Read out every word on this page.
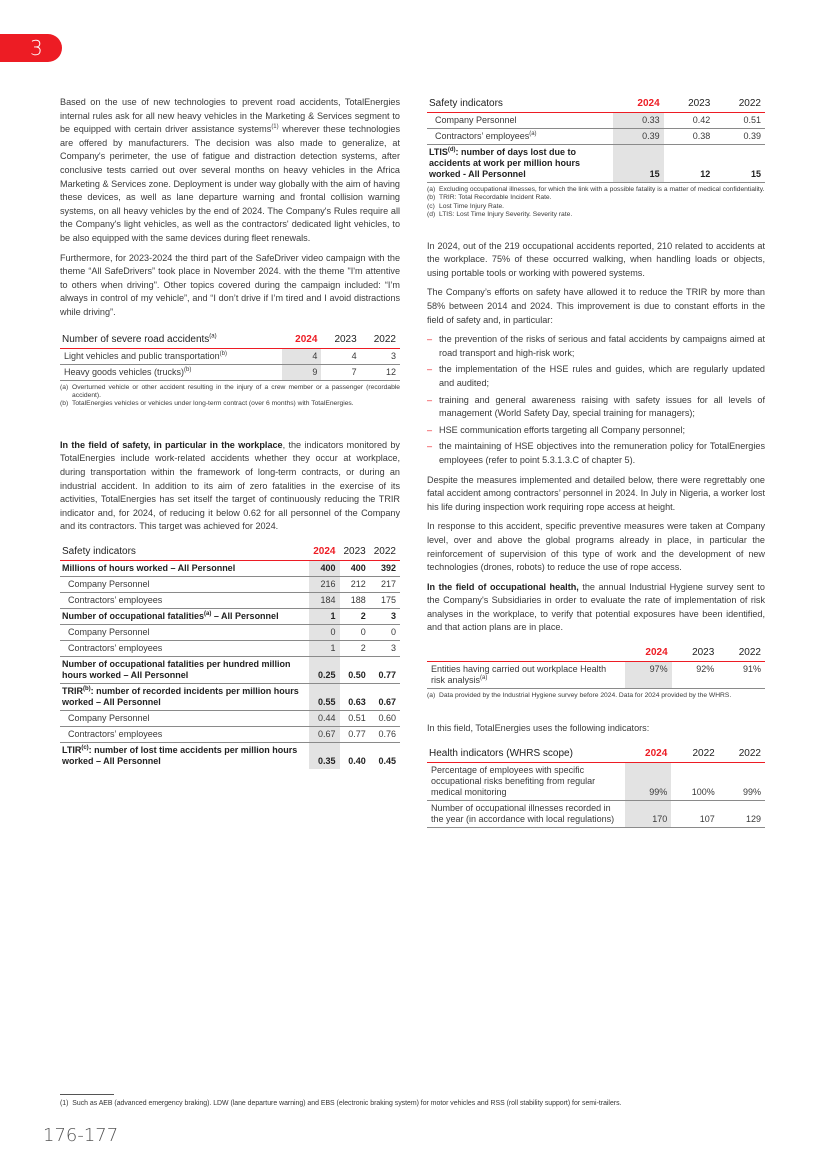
3

Based on the use of new technologies to prevent road accidents, TotalEnergies internal rules ask for all new heavy vehicles in the Marketing & Services segment to be equipped with certain driver assistance systems$^{(1)}$ wherever these technologies are offered by manufacturers. The decision was also made to generalize, at Company's perimeter, the use of fatigue and distraction detection systems, after conclusive tests carried out over several months on heavy vehicles in the Africa Marketing & Services zone. Deployment is under way globally with the aim of having these devices, as well as lane departure warning and frontal collision warning systems, on all heavy vehicles by the end of 2024. The Company's Rules require all the Company's light vehicles, as well as the contractors' dedicated light vehicles, to be also equipped with the same devices during fleet renewals.

Furthermore, for 2023-2024 the third part of the SafeDriver video campaign with the theme “All SafeDrivers” took place in November 2024. with the theme "I'm attentive to others when driving". Other topics covered during the campaign included: “I’m always in control of my vehicle”, and “I don’t drive if I’m tired and I avoid distractions while driving”.

Number of severe road accidents$^{(a)}$	2024	2023	2022
Light vehicles and public transportation$^{(b)}$	4	4	3
Heavy goods vehicles (trucks)$^{(b)}$	9	7	12
(a) Overturned vehicle or other accident resulting in the injury of a crew member or a passenger (recordable accident).
(b) TotalEnergies vehicles or vehicles under long-term contract (over 6 months) with TotalEnergies.

In the field of safety, in particular in the workplace, the indicators monitored by TotalEnergies include work-related accidents whether they occur at workplace, during transportation within the framework of long-term contracts, or during an industrial accident. In addition to its aim of zero fatalities in the exercise of its activities, TotalEnergies has set itself the target of continuously reducing the TRIR indicator and, for 2024, of reducing it below 0.62 for all personnel of the Company and its contractors. This target was achieved for 2024.

Safety indicators	2024	2023	2022
Millions of hours worked – All Personnel	400	400	392
Company Personnel	216	212	217
Contractors’ employees	184	188	175
Number of occupational fatalities$^{(a)}$ – All Personnel	1	2	3
Company Personnel	0	0	0
Contractors’ employees	1	2	3
Number of occupational fatalities per hundred million hours worked – All Personnel	0.25	0.50	0.77
TRIR$^{(b)}$: number of recorded incidents per million hours worked – All Personnel	0.55	0.63	0.67
Company Personnel	0.44	0.51	0.60
Contractors’ employees	0.67	0.77	0.76
LTIR$^{(c)}$: number of lost time accidents per million hours worked – All Personnel	0.35	0.40	0.45
Safety indicators	2024	2023	2022
Company Personnel	0.33	0.42	0.51
Contractors’ employees$^{(a)}$	0.39	0.38	0.39
LTIS$^{(d)}$: number of days lost due to accidents at work per million hours worked - All Personnel	15	12	15
(a) Excluding occupational illnesses, for which the link with a possible fatality is a matter of medical confidentiality.
(b) TRIR: Total Recordable Incident Rate.
(c) Lost Time Injury Rate.
(d) LTIS: Lost Time Injury Severity. Severity rate.

In 2024, out of the 219 occupational accidents reported, 210 related to accidents at the workplace. 75% of these occurred walking, when handling loads or objects, using portable tools or working with powered systems.

The Company’s efforts on safety have allowed it to reduce the TRIR by more than 58% between 2014 and 2024. This improvement is due to constant efforts in the field of safety and, in particular:

– the prevention of the risks of serious and fatal accidents by campaigns aimed at road transport and high-risk work;
– the implementation of the HSE rules and guides, which are regularly updated and audited;
– training and general awareness raising with safety issues for all levels of management (World Safety Day, special training for managers);
– HSE communication efforts targeting all Company personnel;
– the maintaining of HSE objectives into the remuneration policy for TotalEnergies employees (refer to point 5.3.1.3.C of chapter 5).

Despite the measures implemented and detailed below, there were regrettably one fatal accident among contractors’ personnel in 2024. In July in Nigeria, a worker lost his life during inspection work requiring rope access at height.

In response to this accident, specific preventive measures were taken at Company level, over and above the global programs already in place, in particular the reinforcement of supervision of this type of work and the development of new technologies (drones, robots) to reduce the use of rope access.

In the field of occupational health, the annual Industrial Hygiene survey sent to the Company's Subsidiaries in order to evaluate the rate of implementation of risk analyses in the workplace, to verify that potential exposures have been identified, and that action plans are in place.

	2024	2023	2022
Entities having carried out workplace Health risk analysis$^{(a)}$	97%	92%	91%
(a) Data provided by the Industrial Hygiene survey before 2024. Data for 2024 provided by the WHRS.

In this field, TotalEnergies uses the following indicators:

Health indicators (WHRS scope)	2024	2022	2022
Percentage of employees with specific occupational risks benefiting from regular medical monitoring	99%	100%	99%
Number of occupational illnesses recorded in the year (in accordance with local regulations)	170	107	129
(1) Such as AEB (advanced emergency braking). LDW (lane departure warning) and EBS (electronic braking system) for motor vehicles and RSS (roll stability support) for semi-trailers.
176-177
